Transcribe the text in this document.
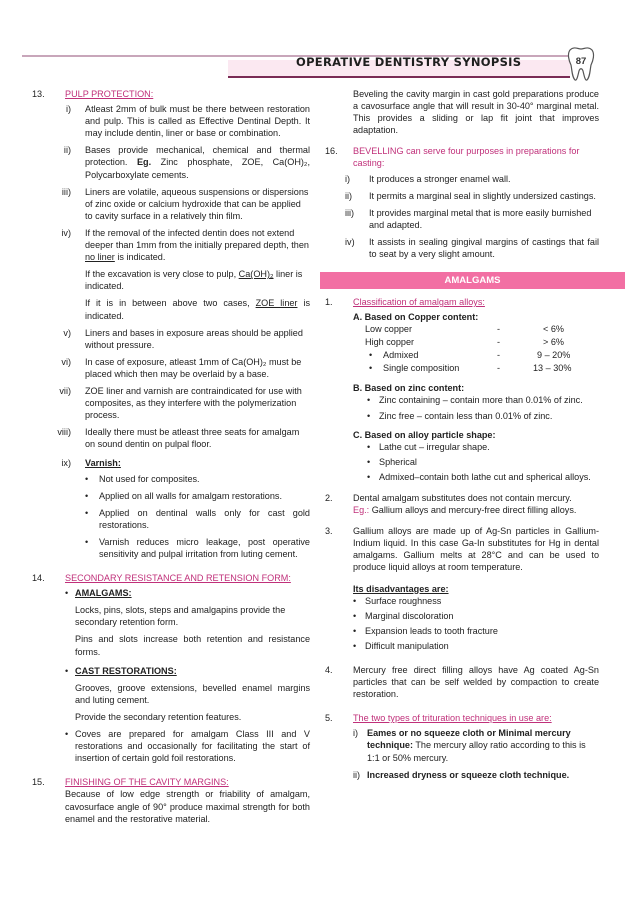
OPERATIVE DENTISTRY SYNOPSIS	87
13. PULP PROTECTION:

i) Atleast 2mm of bulk must be there between restoration and pulp. This is called as Effective Dentinal Depth. It may include dentin, liner or base or combination.

ii) Bases provide mechanical, chemical and thermal protection. Eg. Zinc phosphate, ZOE, Ca(OH)₂, Polycarboxylate cements.

iii) Liners are volatile, aqueous suspensions or dispersions of zinc oxide or calcium hydroxide that can be applied to cavity surface in a relatively thin film.

iv) If the removal of the infected dentin does not extend deeper than 1mm from the initially prepared depth, then no liner is indicated.

If the excavation is very close to pulp, Ca(OH)₂ liner is indicated.

If it is in between above two cases, ZOE liner is indicated.

v) Liners and bases in exposure areas should be applied without pressure.

vi) In case of exposure, atleast 1mm of Ca(OH)₂ must be placed which then may be overlaid by a base.

vii) ZOE liner and varnish are contraindicated for use with composites, as they interfere with the polymerization process.

viii) Ideally there must be atleast three seats for amalgam on sound dentin on pulpal floor.

ix) Varnish:

• Not used for composites.

• Applied on all walls for amalgam restorations.

• Applied on dentinal walls only for cast gold restorations.

• Varnish reduces micro leakage, post operative sensitivity and pulpal irritation from luting cement.

14. SECONDARY RESISTANCE AND RETENSION FORM:

• AMALGAMS:

Locks, pins, slots, steps and amalgapins provide the secondary retention form.

Pins and slots increase both retention and resistance forms.

• CAST RESTORATIONS:

Grooves, groove extensions, bevelled enamel margins and luting cement.

Provide the secondary retention features.

• Coves are prepared for amalgam Class III and V restorations and occasionally for facilitating the start of insertion of certain gold foil restorations.

15. FINISHING OF THE CAVITY MARGINS:

Because of low edge strength or friability of amalgam, cavosurface angle of 90° produce maximal strength for both enamel and the restorative material.

Beveling the cavity margin in cast gold preparations produce a cavosurface angle that will result in 30-40° marginal metal. This provides a sliding or lap fit joint that improves adaptation.

16. BEVELLING can serve four purposes in preparations for casting:

i)	It produces a stronger enamel wall.

ii)	It permits a marginal seal in slightly undersized castings.

iii)	It provides marginal metal that is more easily burnished and adapted.

iv)	It assists in sealing gingival margins of castings that fail to seat by a very slight amount.

AMALGAMS
1. Classification of amalgam alloys:

A. Based on Copper content:

Low copper	-	< 6%
High copper	-	> 6%
• Admixed	-	9 – 20%
• Single composition	-	13 – 30%

B. Based on zinc content:

• Zinc containing – contain more than 0.01% of zinc.

• Zinc free – contain less than 0.01% of zinc.

C. Based on alloy particle shape:

• Lathe cut – irregular shape.

• Spherical

• Admixed–contain both lathe cut and spherical alloys.

2. Dental amalgam substitutes does not contain mercury.

Eg.: Gallium alloys and mercury-free direct filling alloys.

3. Gallium alloys are made up of Ag-Sn particles in Gallium-Indium liquid. In this case Ga-In substitutes for Hg in dental amalgams. Gallium melts at 28°C and can be used to produce liquid alloys at room temperature.

Its disadvantages are:

• Surface roughness

• Marginal discoloration

• Expansion leads to tooth fracture

• Difficult manipulation

4. Mercury free direct filling alloys have Ag coated Ag-Sn particles that can be self welded by compaction to create restoration.

5. The two types of trituration techniques in use are:

i) Eames or no squeeze cloth or Minimal mercury technique: The mercury alloy ratio according to this is 1:1 or 50% mercury.

ii) Increased dryness or squeeze cloth technique.
